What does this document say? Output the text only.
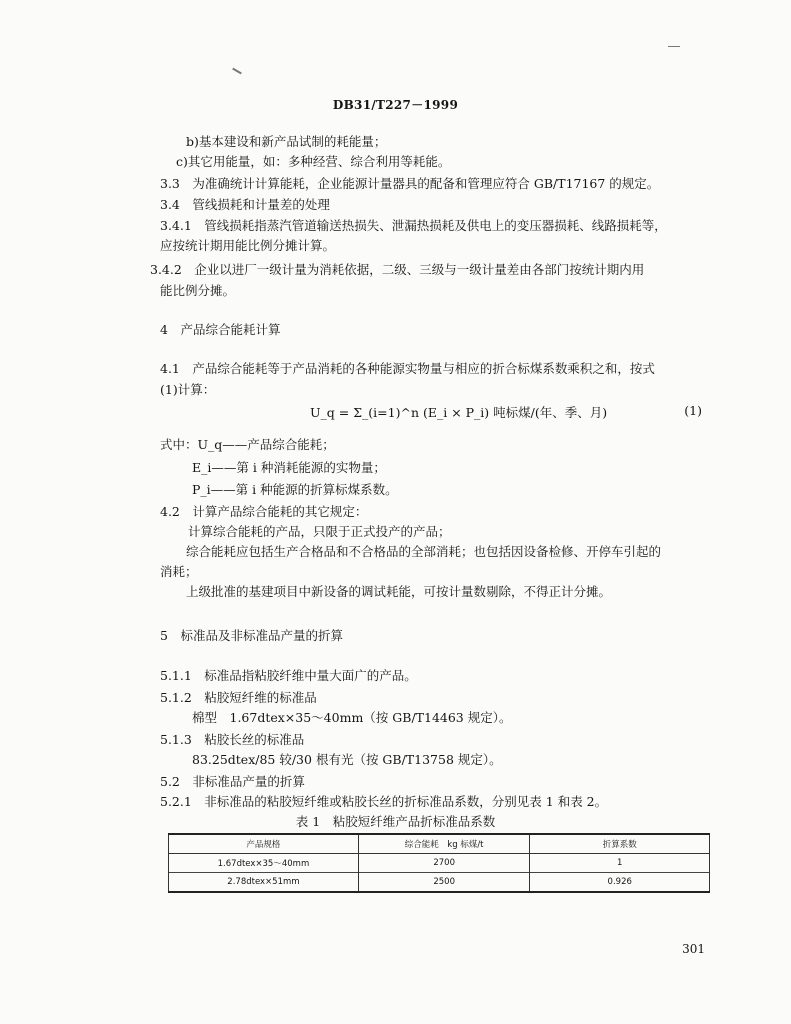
DB31/T227－1999
b)基本建设和新产品试制的耗能量；
c)其它用能量，如：多种经营、综合利用等耗能。
3.3　为准确统计计算能耗，企业能源计量器具的配备和管理应符合 GB/T17167 的规定。
3.4　管线损耗和计量差的处理
3.4.1　管线损耗指蒸汽管道输送热损失、泄漏热损耗及供电上的变压器损耗、线路损耗等，
应按统计期用能比例分摊计算。
3.4.2　企业以进厂一级计量为消耗依据，二级、三级与一级计量差由各部门按统计期内用
能比例分摊。
4　产品综合能耗计算
4.1　产品综合能耗等于产品消耗的各种能源实物量与相应的折合标煤系数乘积之和，按式
(1)计算：
U_q = Σ_(i=1)^n (E_i × P_i) 吨标煤/(年、季、月)	(1)
式中：U_q——产品综合能耗；
E_i——第 i 种消耗能源的实物量；
P_i——第 i 种能源的折算标煤系数。
4.2　计算产品综合能耗的其它规定：
计算综合能耗的产品，只限于正式投产的产品；
综合能耗应包括生产合格品和不合格品的全部消耗；也包括因设备检修、开停车引起的
消耗；
上级批准的基建项目中新设备的调试耗能，可按计量数剔除，不得正计分摊。
5　标准品及非标准品产量的折算
5.1.1　标准品指粘胶纤维中量大面广的产品。
5.1.2　粘胶短纤维的标准品
棉型　1.67dtex×35～40mm（按 GB/T14463 规定）。
5.1.3　粘胶长丝的标准品
83.25dtex/85 较/30 根有光（按 GB/T13758 规定）。
5.2　非标准品产量的折算
5.2.1　非标准品的粘胶短纤维或粘胶长丝的折标准品系数，分别见表 1 和表 2。
表 1　粘胶短纤维产品折标准品系数
产品规格	综合能耗　kg 标煤/t	折算系数
1.67dtex×35～40mm	2700	1
2.78dtex×51mm	2500	0.926
301
